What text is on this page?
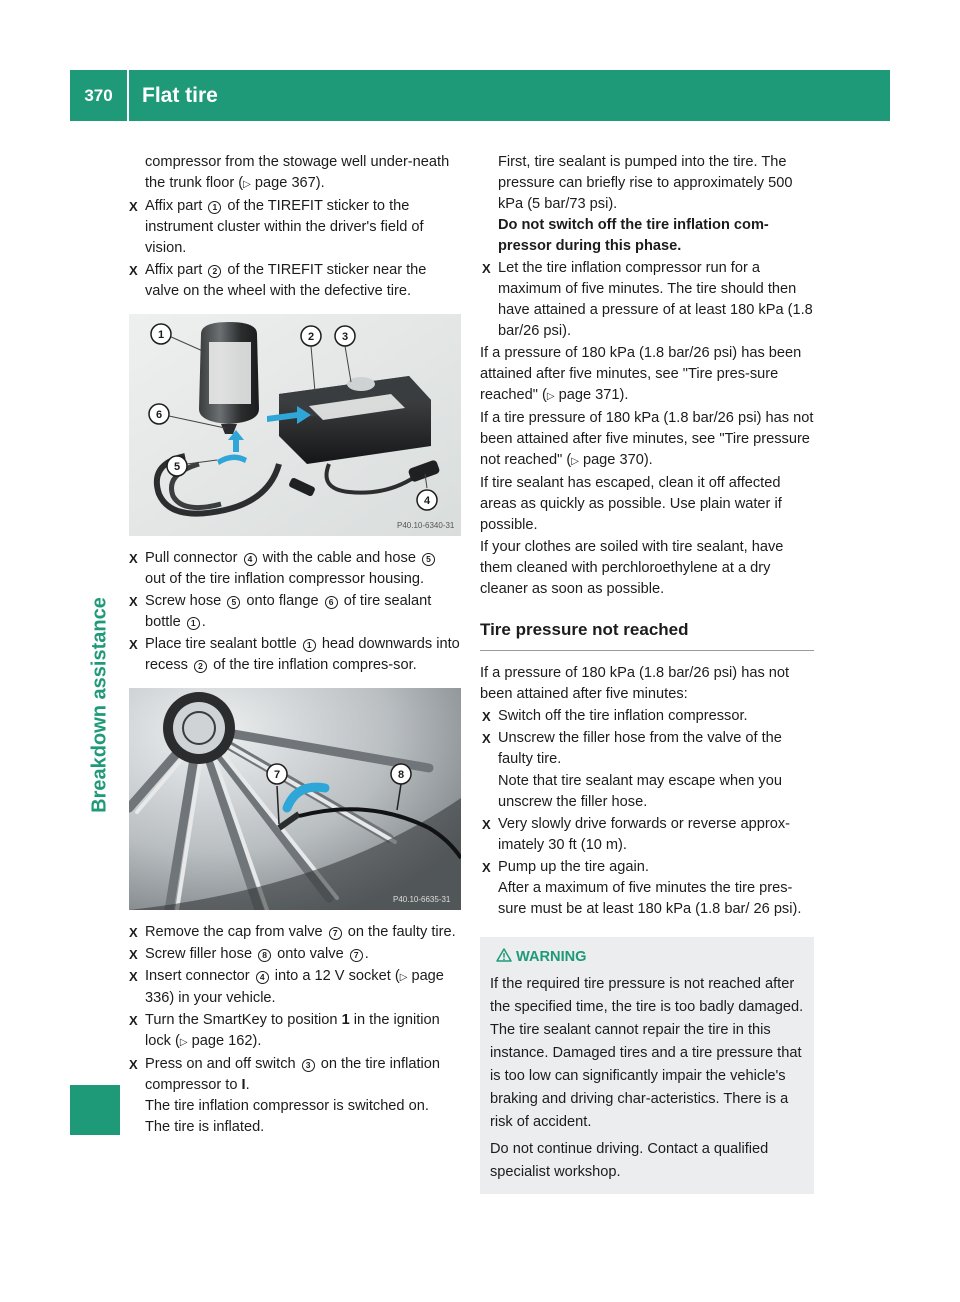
370	Flat tire
Breakdown assistance

compressor from the stowage well under-neath the trunk floor (▷ page 367).

X Affix part 1 of the TIREFIT sticker to the instrument cluster within the driver's field of vision.

X Affix part 2 of the TIREFIT sticker near the valve on the wheel with the defective tire.

1	2	3
4
5
6
P40.10-6340-31

X Pull connector 4 with the cable and hose 5 out of the tire inflation compressor housing.

X Screw hose 5 onto flange 6 of tire sealant bottle 1 .

X Place tire sealant bottle 1 head downwards into recess 2 of the tire inflation compres-sor.

7	8
P40.10-6635-31

X Remove the cap from valve 7 on the faulty tire.

X Screw filler hose 8 onto valve 7 .

X Insert connector 4 into a 12 V socket (▷ page 336) in your vehicle.

X Turn the SmartKey to position 1 in the ignition lock (▷ page 162).

X Press on and off switch 3 on the tire inflation compressor to I.

The tire inflation compressor is switched on.

The tire is inflated.

First, tire sealant is pumped into the tire. The pressure can briefly rise to approximately 500 kPa (5 bar/73 psi).

Do not switch off the tire inflation com-pressor during this phase.

X Let the tire inflation compressor run for a maximum of five minutes. The tire should then have attained a pressure of at least 180 kPa (1.8 bar/26 psi).

If a pressure of 180 kPa (1.8 bar/26 psi) has been attained after five minutes, see "Tire pres-sure reached" (▷ page 371).

If a tire pressure of 180 kPa (1.8 bar/26 psi) has not been attained after five minutes, see "Tire pressure not reached" (▷ page 370).

If tire sealant has escaped, clean it off affected areas as quickly as possible. Use plain water if possible.

If your clothes are soiled with tire sealant, have them cleaned with perchloroethylene at a dry cleaner as soon as possible.

Tire pressure not reached

If a pressure of 180 kPa (1.8 bar/26 psi) has not been attained after five minutes:

X Switch off the tire inflation compressor.

X Unscrew the filler hose from the valve of the faulty tire.

Note that tire sealant may escape when you unscrew the filler hose.

X Very slowly drive forwards or reverse approx-imately 30 ft (10 m).

X Pump up the tire again.

After a maximum of five minutes the tire pres-sure must be at least 180 kPa (1.8 bar/ 26 psi).

WARNING

If the required tire pressure is not reached after the specified time, the tire is too badly damaged. The tire sealant cannot repair the tire in this instance. Damaged tires and a tire pressure that is too low can significantly impair the vehicle's braking and driving char-acteristics. There is a risk of accident.

Do not continue driving. Contact a qualified specialist workshop.
